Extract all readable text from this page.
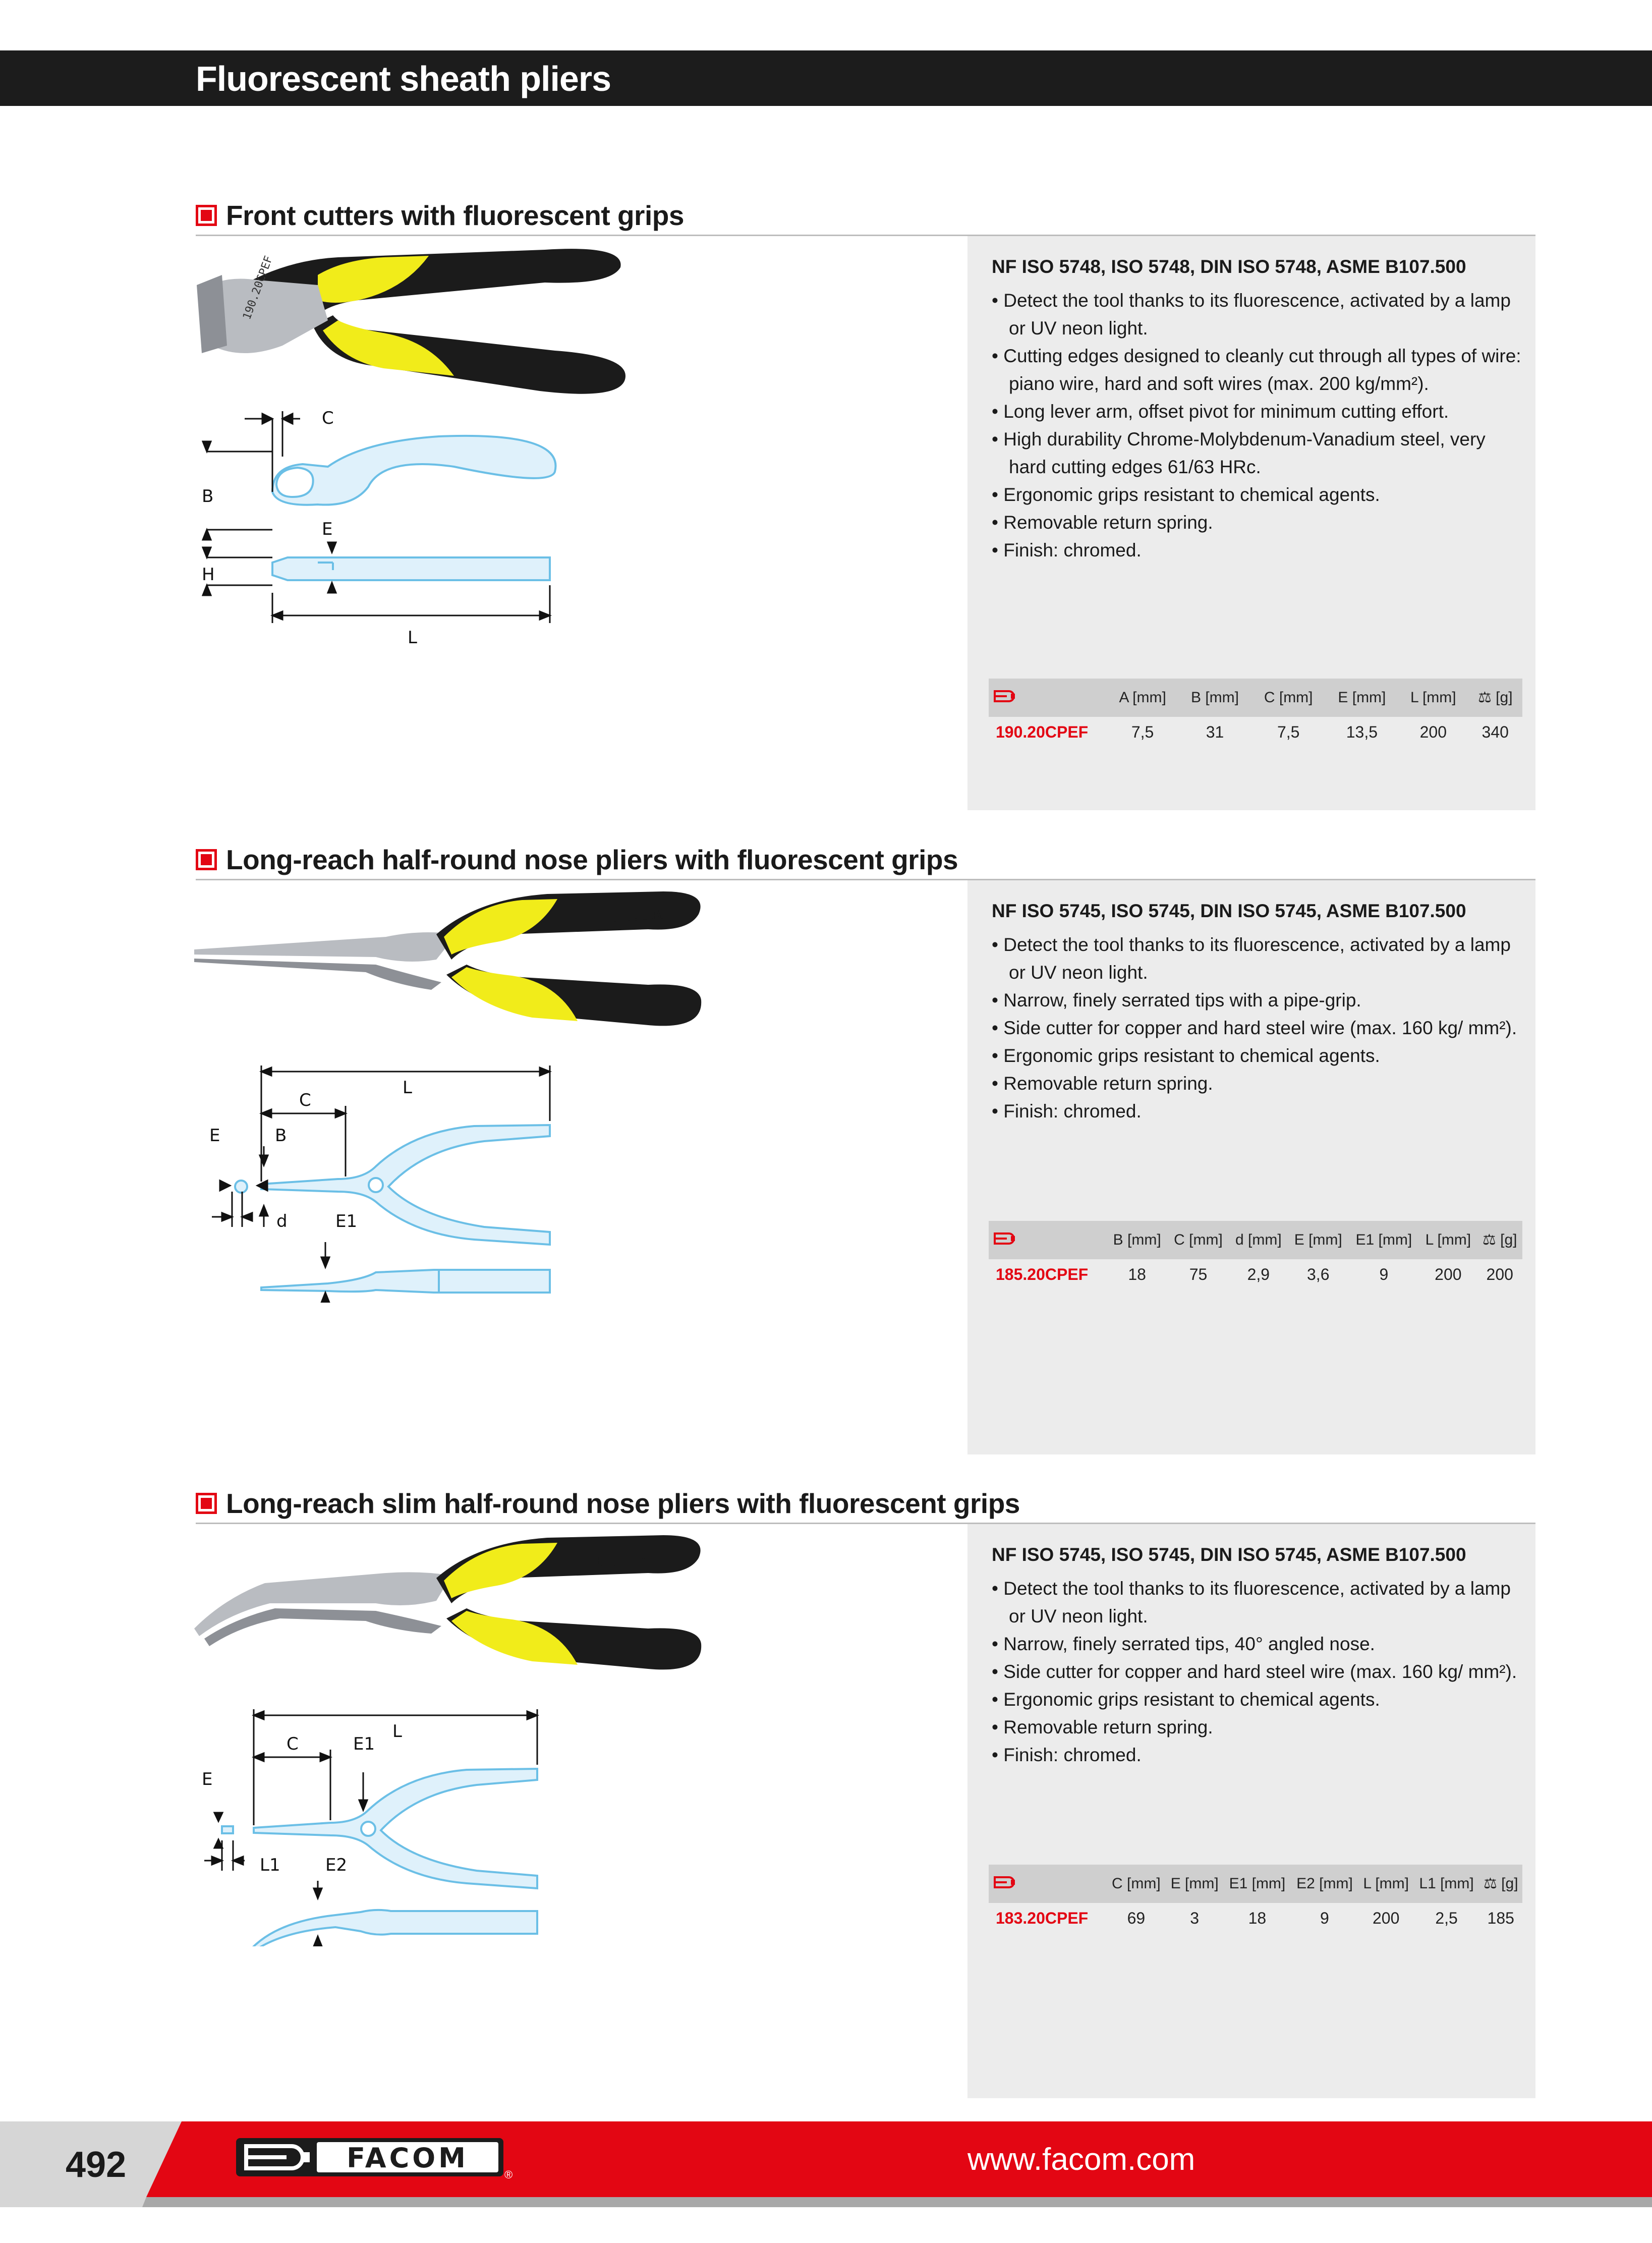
Fluorescent sheath pliers
Front cutters with fluorescent grips
190.20CPEF
C
B
E
H
L
NF ISO 5748, ISO 5748, DIN ISO 5748, ASME B107.500
• Detect the tool thanks to its fluorescence, activated by a lamp or UV neon light.
• Cutting edges designed to cleanly cut through all types of wire: piano wire, hard and soft wires (max. 200 kg/mm²).
• Long lever arm, offset pivot for minimum cutting effort.
• High durability Chrome-Molybdenum-Vanadium steel, very hard cutting edges 61/63 HRc.
• Ergonomic grips resistant to chemical agents.
• Removable return spring.
• Finish: chromed.
	A [mm]	B [mm]	C [mm]	E [mm]	L [mm]	⚖ [g]
190.20CPEF	7,5	31	7,5	13,5	200	340
Long-reach half-round nose pliers with fluorescent grips
FACOM
L
C
E	B
d	E1
NF ISO 5745, ISO 5745, DIN ISO 5745, ASME B107.500
• Detect the tool thanks to its fluorescence, activated by a lamp or UV neon light.
• Narrow, finely serrated tips with a pipe-grip.
• Side cutter for copper and hard steel wire (max. 160 kg/ mm²).
• Ergonomic grips resistant to chemical agents.
• Removable return spring.
• Finish: chromed.
	B [mm]	C [mm]	d [mm]	E [mm]	E1 [mm]	L [mm]	⚖ [g]
185.20CPEF	18	75	2,9	3,6	9	200	200
Long-reach slim half-round nose pliers with fluorescent grips
FACOM
L
C	E1
E
L1	E2
NF ISO 5745, ISO 5745, DIN ISO 5745, ASME B107.500
• Detect the tool thanks to its fluorescence, activated by a lamp or UV neon light.
• Narrow, finely serrated tips, 40° angled nose.
• Side cutter for copper and hard steel wire (max. 160 kg/ mm²).
• Ergonomic grips resistant to chemical agents.
• Removable return spring.
• Finish: chromed.
	C [mm]	E [mm]	E1 [mm]	E2 [mm]	L [mm]	L1 [mm]	⚖ [g]
183.20CPEF	69	3	18	9	200	2,5	185
492	FACOM
®	www.facom.com
